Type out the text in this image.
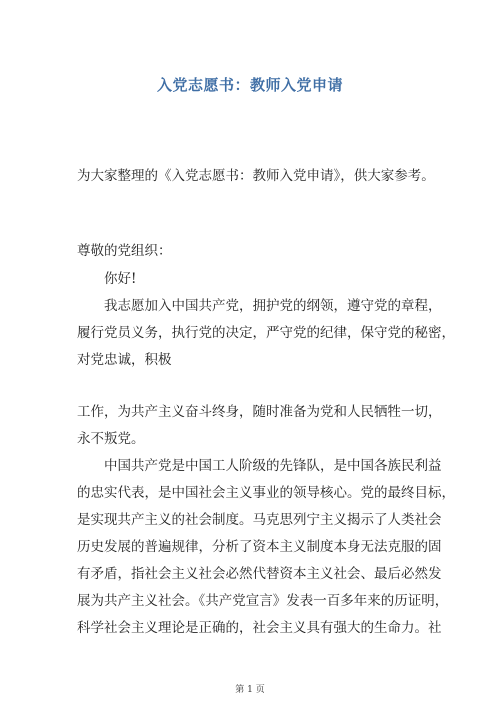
入党志愿书：教师入党申请
为大家整理的《入党志愿书：教师入党申请》，供大家参考。
尊敬的党组织：
你好!
我志愿加入中国共产党，拥护党的纲领，遵守党的章程，
履行党员义务，执行党的决定，严守党的纪律，保守党的秘密，
对党忠诚，积极
工作，为共产主义奋斗终身，随时准备为党和人民牺牲一切，
永不叛党。
中国共产党是中国工人阶级的先锋队，是中国各族民利益
的忠实代表，是中国社会主义事业的领导核心。党的最终目标，
是实现共产主义的社会制度。马克思列宁主义揭示了人类社会
历史发展的普遍规律，分析了资本主义制度本身无法克服的固
有矛盾，指社会主义社会必然代替资本主义社会、最后必然发
展为共产主义社会。《共产党宣言》发表一百多年来的历证明，
科学社会主义理论是正确的，社会主义具有强大的生命力。社
第 1 页
